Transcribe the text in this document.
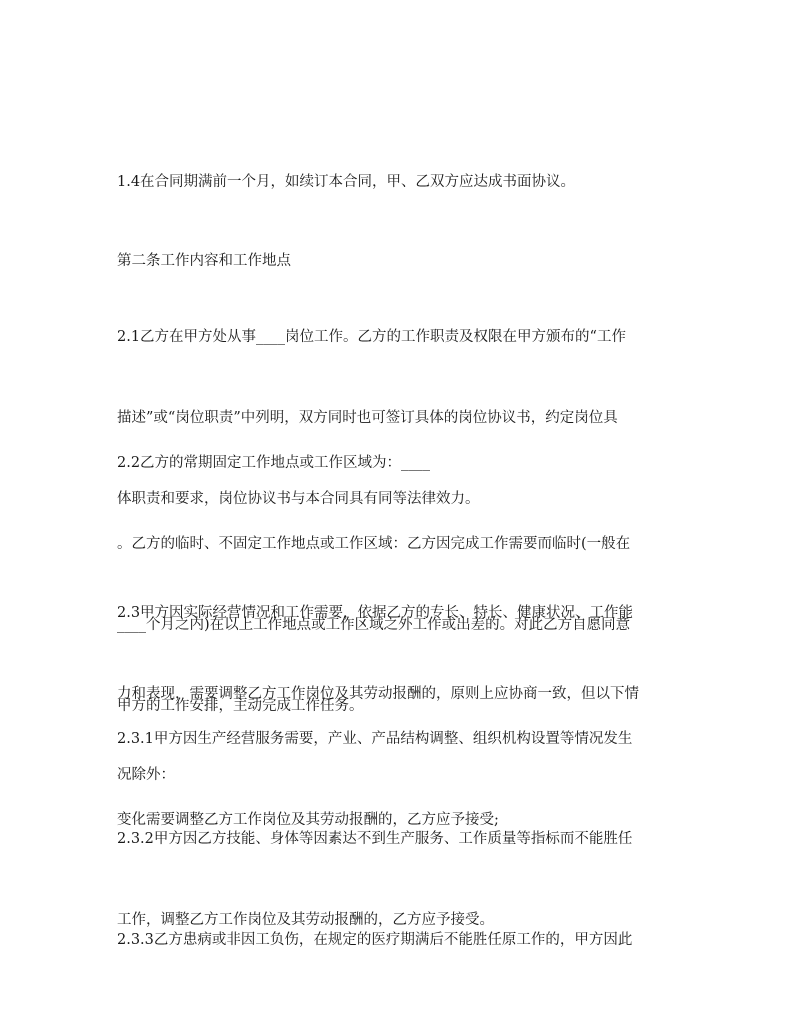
1.4在合同期满前一个月，如续订本合同，甲、乙双方应达成书面协议。

第二条工作内容和工作地点

2.1乙方在甲方处从事____岗位工作。乙方的工作职责及权限在甲方颁布的“工作

描述”或“岗位职责”中列明，双方同时也可签订具体的岗位协议书，约定岗位具

体职责和要求，岗位协议书与本合同具有同等法律效力。

2.2乙方的常期固定工作地点或工作区域为：____

。乙方的临时、不固定工作地点或工作区域：乙方因完成工作需要而临时(一般在

____个月之内)在以上工作地点或工作区域之外工作或出差的。对此乙方自愿同意

甲方的工作安排，主动完成工作任务。

2.3甲方因实际经营情况和工作需要，依据乙方的专长、特长、健康状况、工作能

力和表现，需要调整乙方工作岗位及其劳动报酬的，原则上应协商一致，但以下情

况除外：

2.3.1甲方因生产经营服务需要，产业、产品结构调整、组织机构设置等情况发生

变化需要调整乙方工作岗位及其劳动报酬的，乙方应予接受;

2.3.2甲方因乙方技能、身体等因素达不到生产服务、工作质量等指标而不能胜任

工作，调整乙方工作岗位及其劳动报酬的，乙方应予接受。

2.3.3乙方患病或非因工负伤，在规定的医疗期满后不能胜任原工作的，甲方因此
